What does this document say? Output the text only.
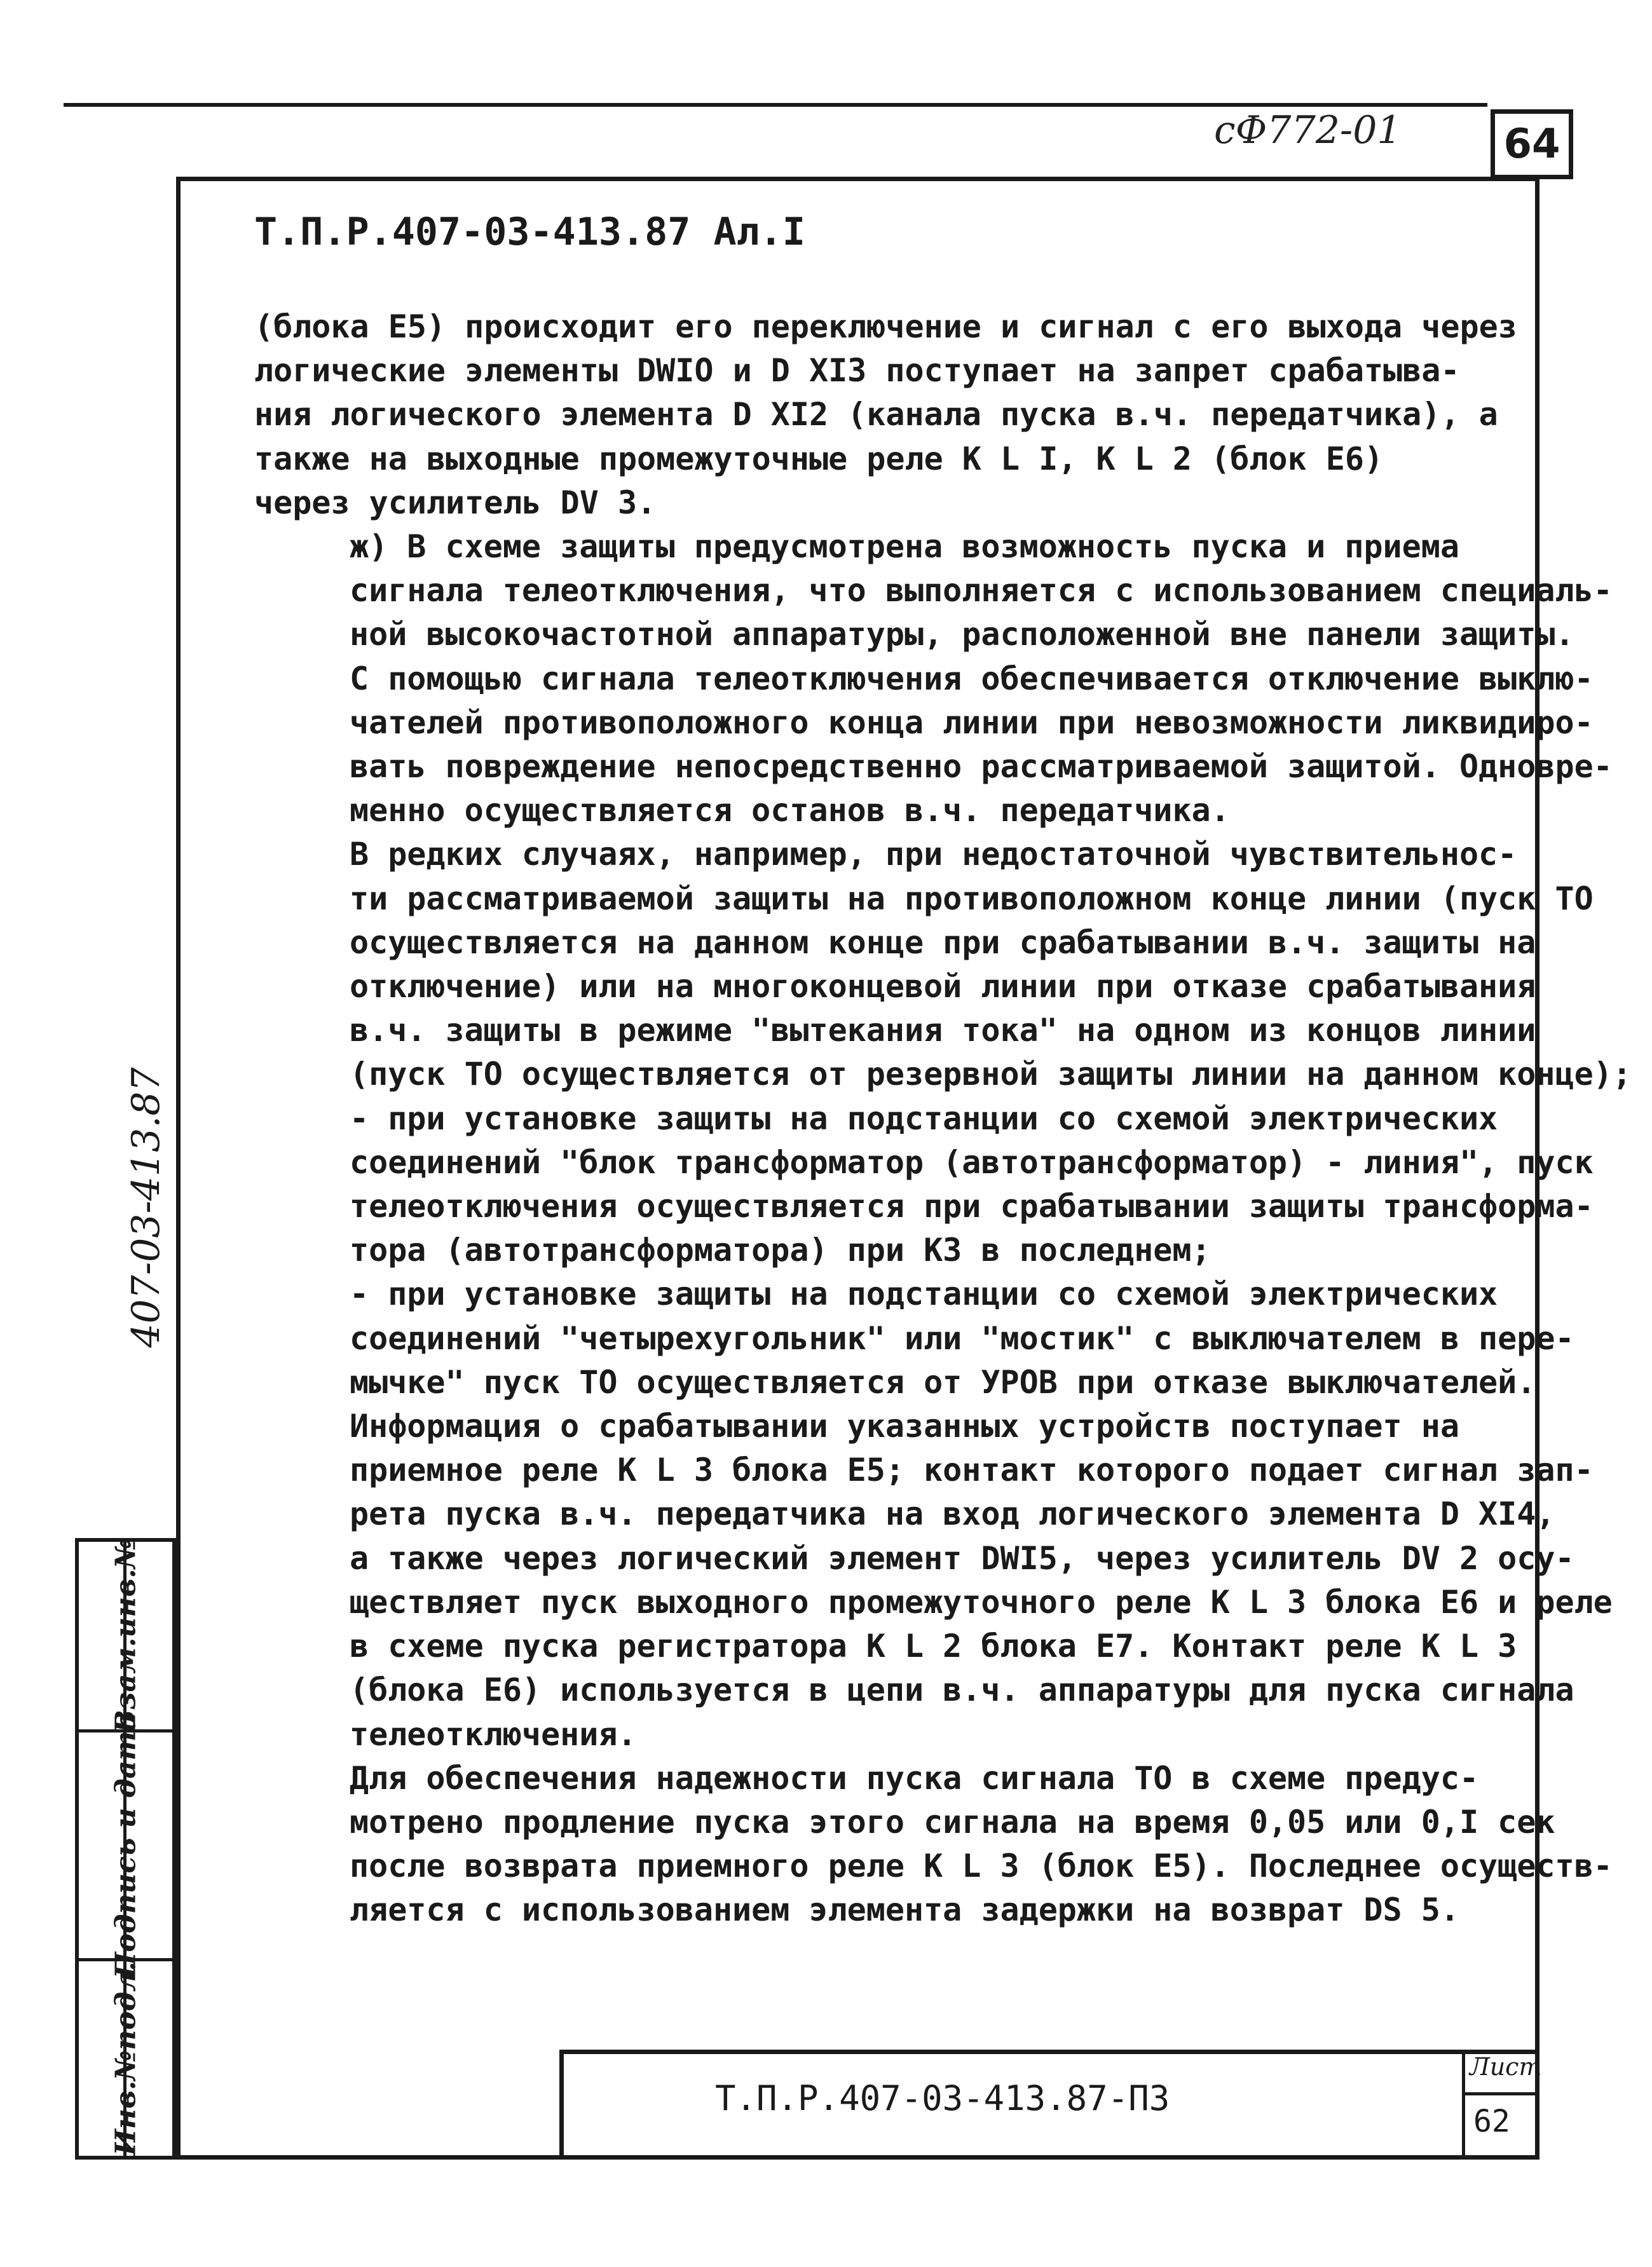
сФ772-01	64
Т.П.Р.407-03-413.87 Ал.I

(блока Е5) происходит его переключение и сигнал с его выхода через
логические элементы DWIO и D XI3 поступает на запрет срабатыва-
ния логического элемента D XI2 (канала пуска в.ч. передатчика), а
также на выходные промежуточные реле К L I, К L 2 (блок Е6)
через усилитель DV 3.

ж) В схеме защиты предусмотрена возможность пуска и приема
сигнала телеотключения, что выполняется с использованием специаль-
ной высокочастотной аппаратуры, расположенной вне панели защиты.
С помощью сигнала телеотключения обеспечивается отключение выклю-
чателей противоположного конца линии при невозможности ликвидиро-
вать повреждение непосредственно рассматриваемой защитой. Одновре-
менно осуществляется останов в.ч. передатчика.

В редких случаях, например, при недостаточной чувствительнос-
ти рассматриваемой защиты на противоположном конце линии (пуск ТО
осуществляется на данном конце при срабатывании в.ч. защиты на
отключение) или на многоконцевой линии при отказе срабатывания
в.ч. защиты в режиме "вытекания тока" на одном из концов линии
(пуск ТО осуществляется от резервной защиты линии на данном конце);

- при установке защиты на подстанции со схемой электрических
соединений "блок трансформатор (автотрансформатор) - линия", пуск
телеотключения осуществляется при срабатывании защиты трансформа-
тора (автотрансформатора) при КЗ в последнем;

- при установке защиты на подстанции со схемой электрических
соединений "четырехугольник" или "мостик" с выключателем в пере-
мычке" пуск ТО осуществляется от УРОВ при отказе выключателей.

Информация о срабатывании указанных устройств поступает на
приемное реле К L 3 блока Е5; контакт которого подает сигнал зап-
рета пуска в.ч. передатчика на вход логического элемента D XI4,
а также через логический элемент DWI5, через усилитель DV 2 осу-
ществляет пуск выходного промежуточного реле К L 3 блока Е6 и реле
в схеме пуска регистратора К L 2 блока Е7. Контакт реле К L 3
(блока Е6) используется в цепи в.ч. аппаратуры для пуска сигнала
телеотключения.

Для обеспечения надежности пуска сигнала ТО в схеме предус-
мотрено продление пуска этого сигнала на время 0,05 или 0,I сек
после возврата приемного реле К L 3 (блок Е5). Последнее осуществ-
ляется с использованием элемента задержки на возврат DS 5.

407-03-413.87
Взам.инв.№
Подпись и дата
Инв.№подл.	Т.П.Р.407-03-413.87-ПЗ
Лист
62
